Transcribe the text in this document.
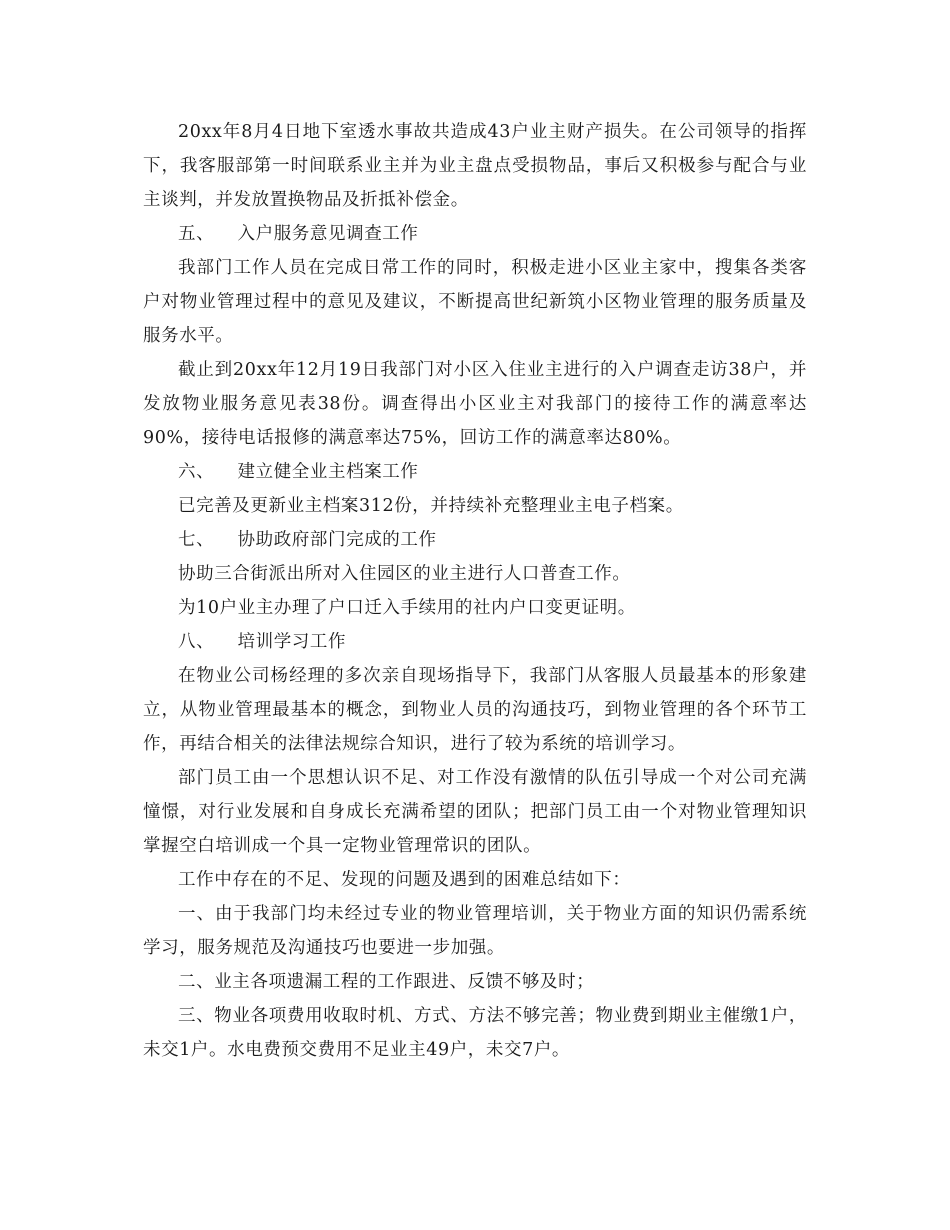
20xx年8月4日地下室透水事故共造成43户业主财产损失。在公司领导的指挥下，我客服部第一时间联系业主并为业主盘点受损物品，事后又积极参与配合与业主谈判，并发放置换物品及折抵补偿金。

五、 入户服务意见调查工作

我部门工作人员在完成日常工作的同时，积极走进小区业主家中，搜集各类客户对物业管理过程中的意见及建议，不断提高世纪新筑小区物业管理的服务质量及服务水平。

截止到20xx年12月19日我部门对小区入住业主进行的入户调查走访38户，并发放物业服务意见表38份。调查得出小区业主对我部门的接待工作的满意率达90%，接待电话报修的满意率达75%，回访工作的满意率达80%。

六、 建立健全业主档案工作

已完善及更新业主档案312份，并持续补充整理业主电子档案。

七、 协助政府部门完成的工作

协助三合街派出所对入住园区的业主进行人口普查工作。

为10户业主办理了户口迁入手续用的社内户口变更证明。

八、 培训学习工作

在物业公司杨经理的多次亲自现场指导下，我部门从客服人员最基本的形象建立，从物业管理最基本的概念，到物业人员的沟通技巧，到物业管理的各个环节工作，再结合相关的法律法规综合知识，进行了较为系统的培训学习。

部门员工由一个思想认识不足、对工作没有激情的队伍引导成一个对公司充满憧憬，对行业发展和自身成长充满希望的团队；把部门员工由一个对物业管理知识掌握空白培训成一个具一定物业管理常识的团队。

工作中存在的不足、发现的问题及遇到的困难总结如下：

一、由于我部门均未经过专业的物业管理培训，关于物业方面的知识仍需系统学习，服务规范及沟通技巧也要进一步加强。

二、业主各项遗漏工程的工作跟进、反馈不够及时；

三、物业各项费用收取时机、方式、方法不够完善；物业费到期业主催缴1户，未交1户。水电费预交费用不足业主49户，未交7户。
